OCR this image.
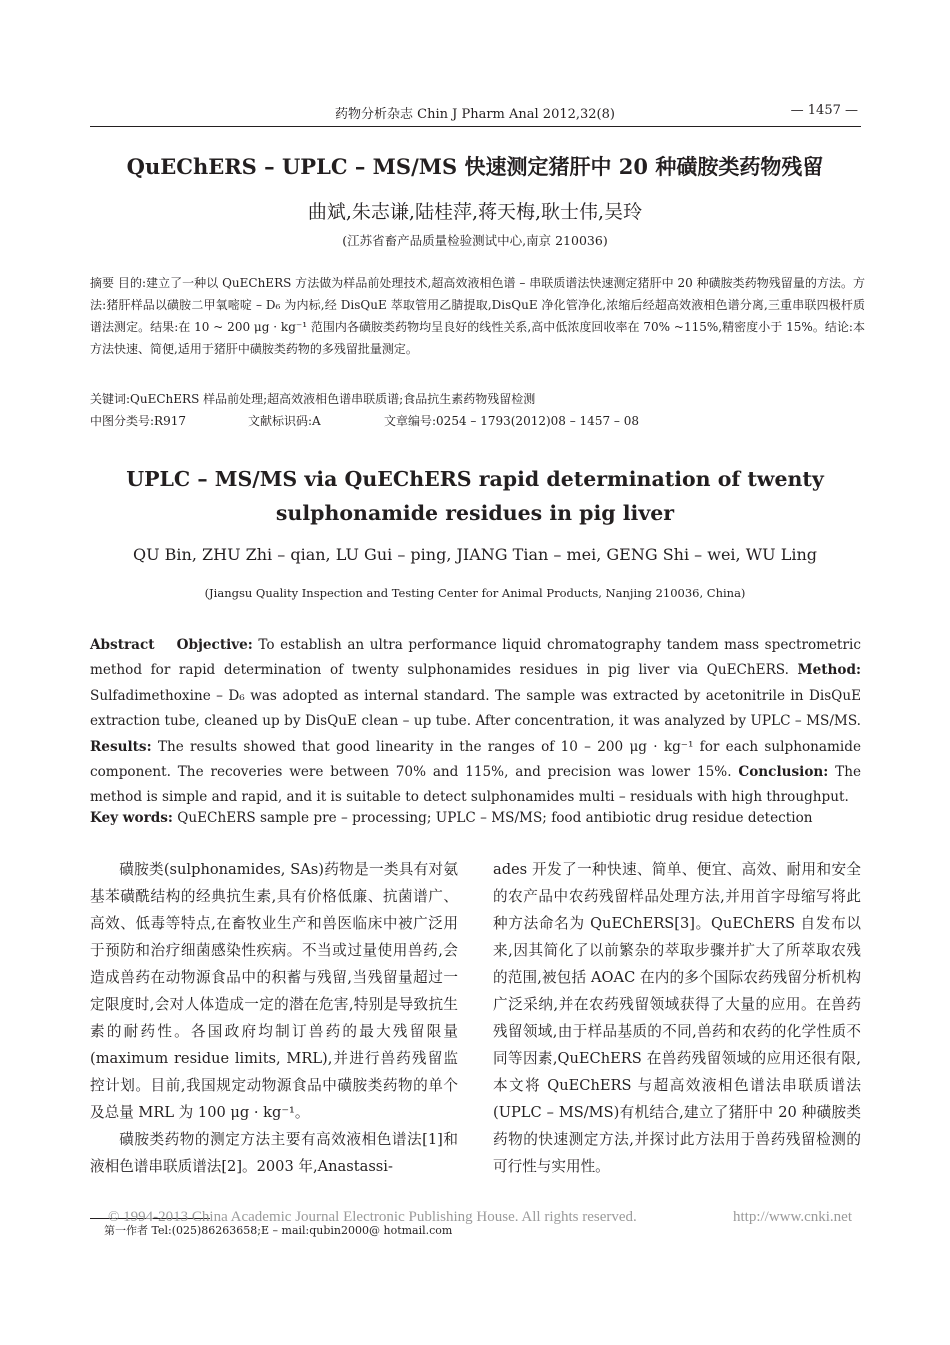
药物分析杂志 Chin J Pharm Anal 2012,32(8)	— 1457 —
QuEChERS – UPLC – MS/MS 快速测定猪肝中 20 种磺胺类药物残留
曲斌,朱志谦,陆桂萍,蒋天梅,耿士伟,吴玲
(江苏省畜产品质量检验测试中心,南京 210036)
摘要 目的:建立了一种以 QuEChERS 方法做为样品前处理技术,超高效液相色谱 – 串联质谱法快速测定猪肝中 20 种磺胺类药物残留量的方法。方法:猪肝样品以磺胺二甲氧嘧啶 – D₆ 为内标,经 DisQuE 萃取管用乙腈提取,DisQuE 净化管净化,浓缩后经超高效液相色谱分离,三重串联四极杆质谱法测定。结果:在 10 ~ 200 μg · kg⁻¹ 范围内各磺胺类药物均呈良好的线性关系,高中低浓度回收率在 70% ~115%,精密度小于 15%。结论:本方法快速、简便,适用于猪肝中磺胺类药物的多残留批量测定。
关键词:QuEChERS 样品前处理;超高效液相色谱串联质谱;食品抗生素药物残留检测
中图分类号:R917	文献标识码:A	文章编号:0254 – 1793(2012)08 – 1457 – 08
UPLC – MS/MS via QuEChERS rapid determination of twenty
sulphonamide residues in pig liver
QU Bin, ZHU Zhi – qian, LU Gui – ping, JIANG Tian – mei, GENG Shi – wei, WU Ling
(Jiangsu Quality Inspection and Testing Center for Animal Products, Nanjing 210036, China)
Abstract Objective: To establish an ultra performance liquid chromatography tandem mass spectrometric method for rapid determination of twenty sulphonamides residues in pig liver via QuEChERS. Method: Sulfadimethoxine – D₆ was adopted as internal standard. The sample was extracted by acetonitrile in DisQuE extraction tube, cleaned up by DisQuE clean – up tube. After concentration, it was analyzed by UPLC – MS/MS. Results: The results showed that good linearity in the ranges of 10 – 200 μg · kg⁻¹ for each sulphonamide component. The recoveries were between 70% and 115%, and precision was lower 15%. Conclusion: The method is simple and rapid, and it is suitable to detect sulphonamides multi – residuals with high throughput.
Key words: QuEChERS sample pre – processing; UPLC – MS/MS; food antibiotic drug residue detection

磺胺类(sulphonamides, SAs)药物是一类具有对氨基苯磺酰结构的经典抗生素,具有价格低廉、抗菌谱广、高效、低毒等特点,在畜牧业生产和兽医临床中被广泛用于预防和治疗细菌感染性疾病。不当或过量使用兽药,会造成兽药在动物源食品中的积蓄与残留,当残留量超过一定限度时,会对人体造成一定的潜在危害,特别是导致抗生素的耐药性。各国政府均制订兽药的最大残留限量(maximum residue limits, MRL),并进行兽药残留监控计划。目前,我国规定动物源食品中磺胺类药物的单个及总量 MRL 为 100 μg · kg⁻¹。

磺胺类药物的测定方法主要有高效液相色谱法[1]和液相色谱串联质谱法[2]。2003 年,Anastassi-

ades 开发了一种快速、简单、便宜、高效、耐用和安全的农产品中农药残留样品处理方法,并用首字母缩写将此种方法命名为 QuEChERS[3]。QuEChERS 自发布以来,因其简化了以前繁杂的萃取步骤并扩大了所萃取农残的范围,被包括 AOAC 在内的多个国际农药残留分析机构广泛采纳,并在农药残留领域获得了大量的应用。在兽药残留领域,由于样品基质的不同,兽药和农药的化学性质不同等因素,QuEChERS 在兽药残留领域的应用还很有限,本文将 QuEChERS 与超高效液相色谱法串联质谱法(UPLC – MS/MS)有机结合,建立了猪肝中 20 种磺胺类药物的快速测定方法,并探讨此方法用于兽药残留检测的可行性与实用性。

© 1994-2013 China Academic Journal Electronic Publishing House. All rights reserved.	http://www.cnki.net
第一作者 Tel:(025)86263658;E – mail:qubin2000@ hotmail.com
